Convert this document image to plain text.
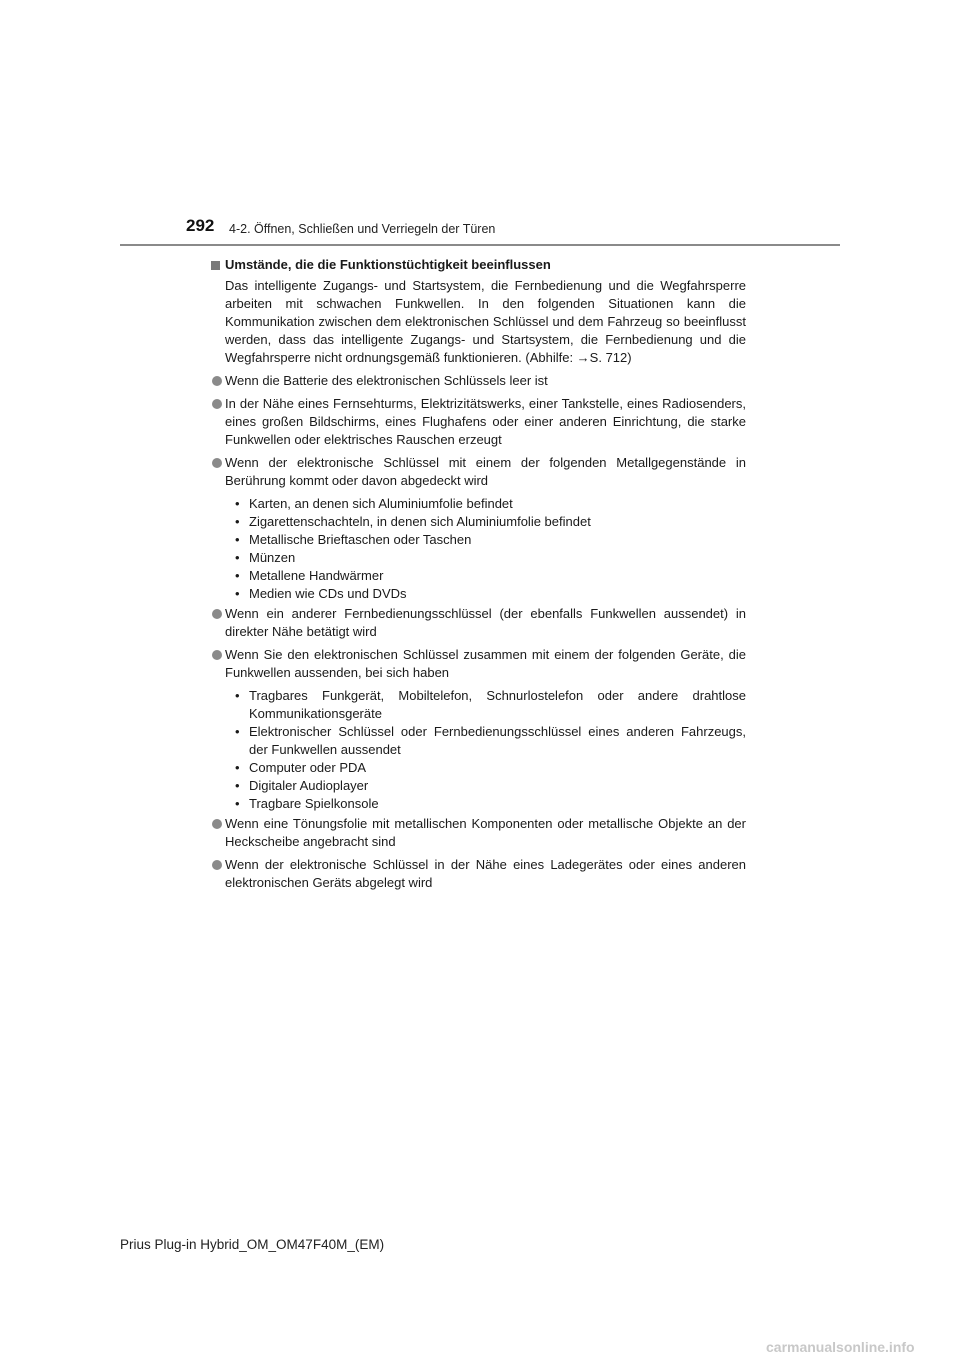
292 4-2. Öffnen, Schließen und Verriegeln der Türen
Umstände, die die Funktionstüchtigkeit beeinflussen
Das intelligente Zugangs- und Startsystem, die Fernbedienung und die Wegfahrsperre arbeiten mit schwachen Funkwellen. In den folgenden Situationen kann die Kommunikation zwischen dem elektronischen Schlüssel und dem Fahrzeug so beeinflusst werden, dass das intelligente Zugangs- und Startsystem, die Fernbedienung und die Wegfahrsperre nicht ordnungsgemäß funktionieren. (Abhilfe: →S. 712)
Wenn die Batterie des elektronischen Schlüssels leer ist
In der Nähe eines Fernsehturms, Elektrizitätswerks, einer Tankstelle, eines Radiosenders, eines großen Bildschirms, eines Flughafens oder einer anderen Einrichtung, die starke Funkwellen oder elektrisches Rauschen erzeugt
Wenn der elektronische Schlüssel mit einem der folgenden Metallgegenstände in Berührung kommt oder davon abgedeckt wird
• Karten, an denen sich Aluminiumfolie befindet
• Zigarettenschachteln, in denen sich Aluminiumfolie befindet
• Metallische Brieftaschen oder Taschen
• Münzen
• Metallene Handwärmer
• Medien wie CDs und DVDs
Wenn ein anderer Fernbedienungsschlüssel (der ebenfalls Funkwellen aussendet) in direkter Nähe betätigt wird
Wenn Sie den elektronischen Schlüssel zusammen mit einem der folgenden Geräte, die Funkwellen aussenden, bei sich haben
• Tragbares Funkgerät, Mobiltelefon, Schnurlostelefon oder andere drahtlose Kommunikationsgeräte
• Elektronischer Schlüssel oder Fernbedienungsschlüssel eines anderen Fahrzeugs, der Funkwellen aussendet
• Computer oder PDA
• Digitaler Audioplayer
• Tragbare Spielkonsole
Wenn eine Tönungsfolie mit metallischen Komponenten oder metallische Objekte an der Heckscheibe angebracht sind
Wenn der elektronische Schlüssel in der Nähe eines Ladegerätes oder eines anderen elektronischen Geräts abgelegt wird
Prius Plug-in Hybrid_OM_OM47F40M_(EM)
carmanualsonline.info
